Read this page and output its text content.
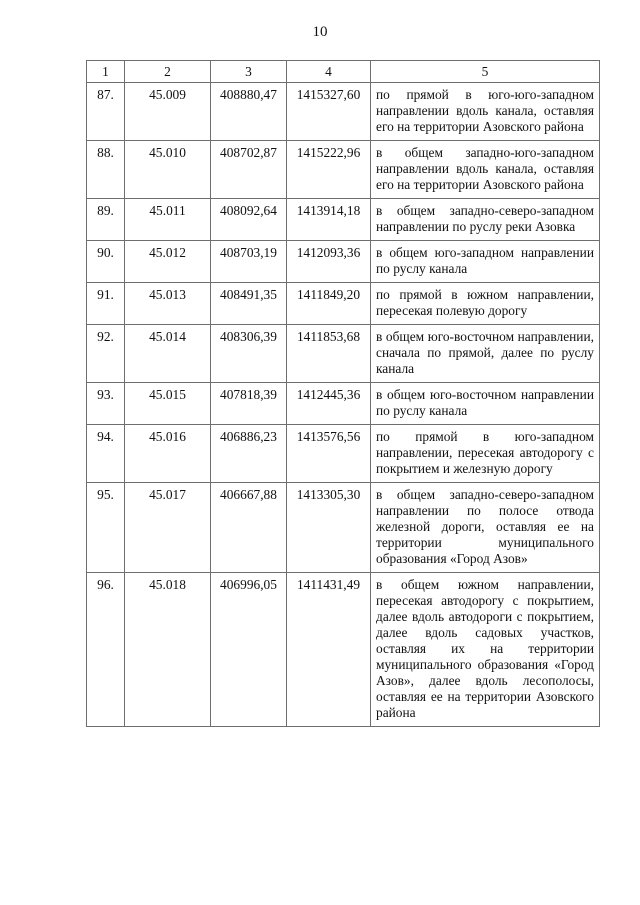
10
1	2	3	4	5
87.	45.009	408880,47	1415327,60	по прямой в юго-юго-западном направлении вдоль канала, оставляя его на территории Азовского района
88.	45.010	408702,87	1415222,96	в общем западно-юго-западном направлении вдоль канала, оставляя его на территории Азовского района
89.	45.011	408092,64	1413914,18	в общем западно-северо-западном направлении по руслу реки Азовка
90.	45.012	408703,19	1412093,36	в общем юго-западном направлении по руслу канала
91.	45.013	408491,35	1411849,20	по прямой в южном направлении, пересекая полевую дорогу
92.	45.014	408306,39	1411853,68	в общем юго-восточном направлении, сначала по прямой, далее по руслу канала
93.	45.015	407818,39	1412445,36	в общем юго-восточном направлении по руслу канала
94.	45.016	406886,23	1413576,56	по прямой в юго-западном направлении, пересекая автодорогу с покрытием и железную дорогу
95.	45.017	406667,88	1413305,30	в общем западно-северо-западном направлении по полосе отвода железной дороги, оставляя ее на территории муниципального образования «Город Азов»
96.	45.018	406996,05	1411431,49	в общем южном направлении, пересекая автодорогу с покрытием, далее вдоль автодороги с покрытием, далее вдоль садовых участков, оставляя их на территории муниципального образования «Город Азов», далее вдоль лесополосы, оставляя ее на территории Азовского района
